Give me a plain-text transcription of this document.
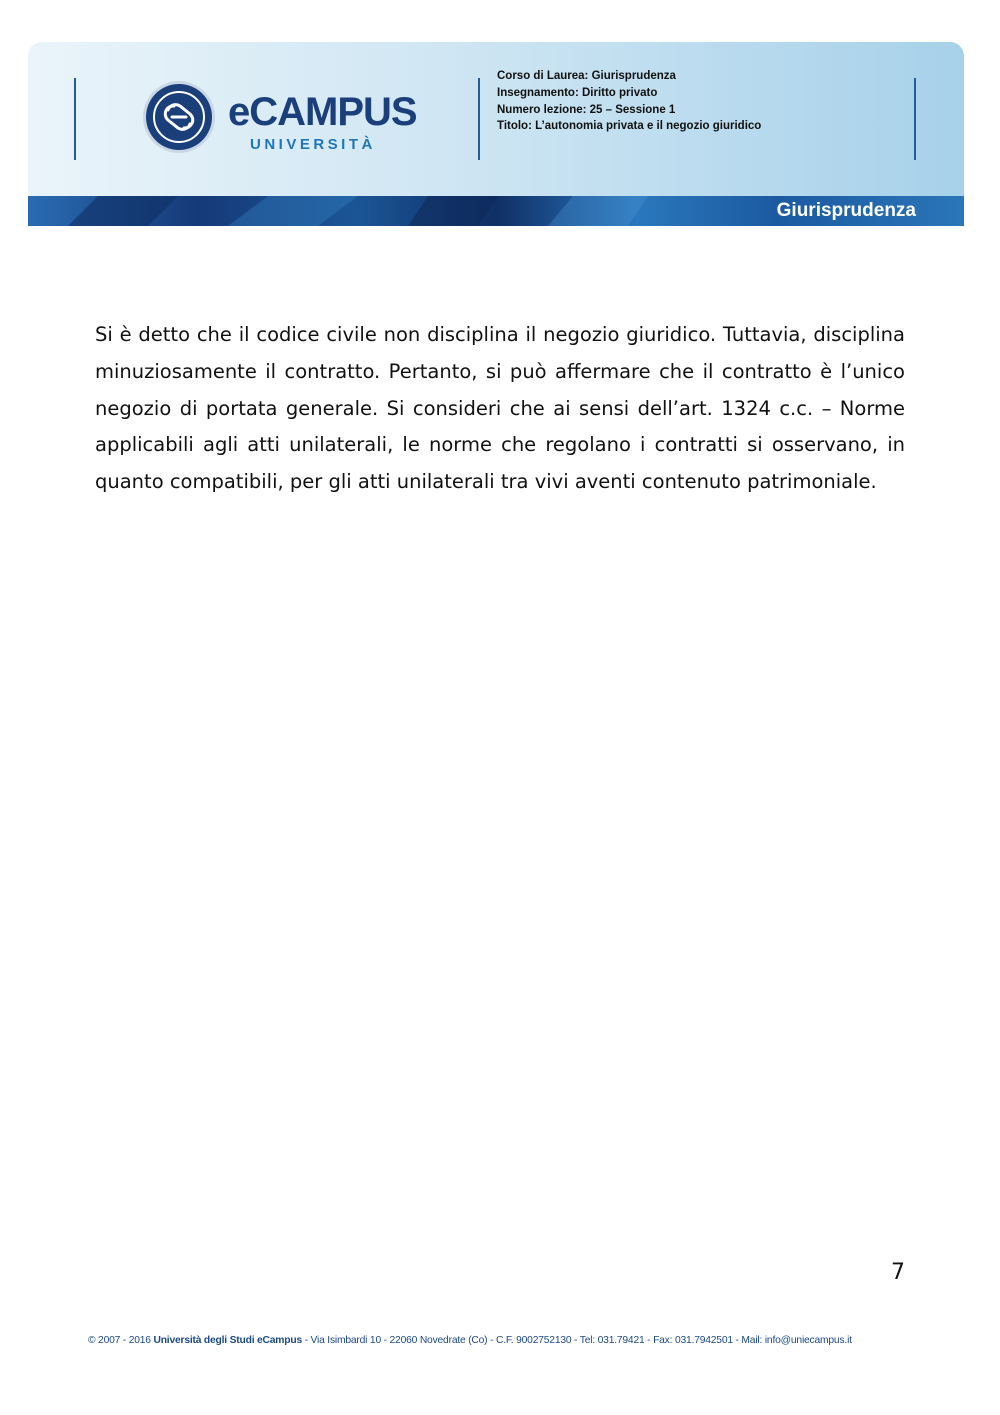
eCAMPUS
UNIVERSITÀ
Corso di Laurea: Giurisprudenza
Insegnamento: Diritto privato
Numero lezione: 25 – Sessione 1
Titolo: L’autonomia privata e il negozio giuridico
Giurisprudenza

Si è detto che il codice civile non disciplina il negozio giuridico. Tuttavia, disciplina minuziosamente il contratto. Pertanto, si può affermare che il contratto è l’unico negozio di portata generale. Si consideri che ai sensi dell’art. 1324 c.c. – Norme applicabili agli atti unilaterali, le norme che regolano i contratti si osservano, in quanto compatibili, per gli atti unilaterali tra vivi aventi contenuto patrimoniale.

7
© 2007 - 2016 Università degli Studi eCampus - Via Isimbardi 10 - 22060 Novedrate (Co) - C.F. 9002752130 - Tel: 031.79421 - Fax: 031.7942501 - Mail: info@uniecampus.it
